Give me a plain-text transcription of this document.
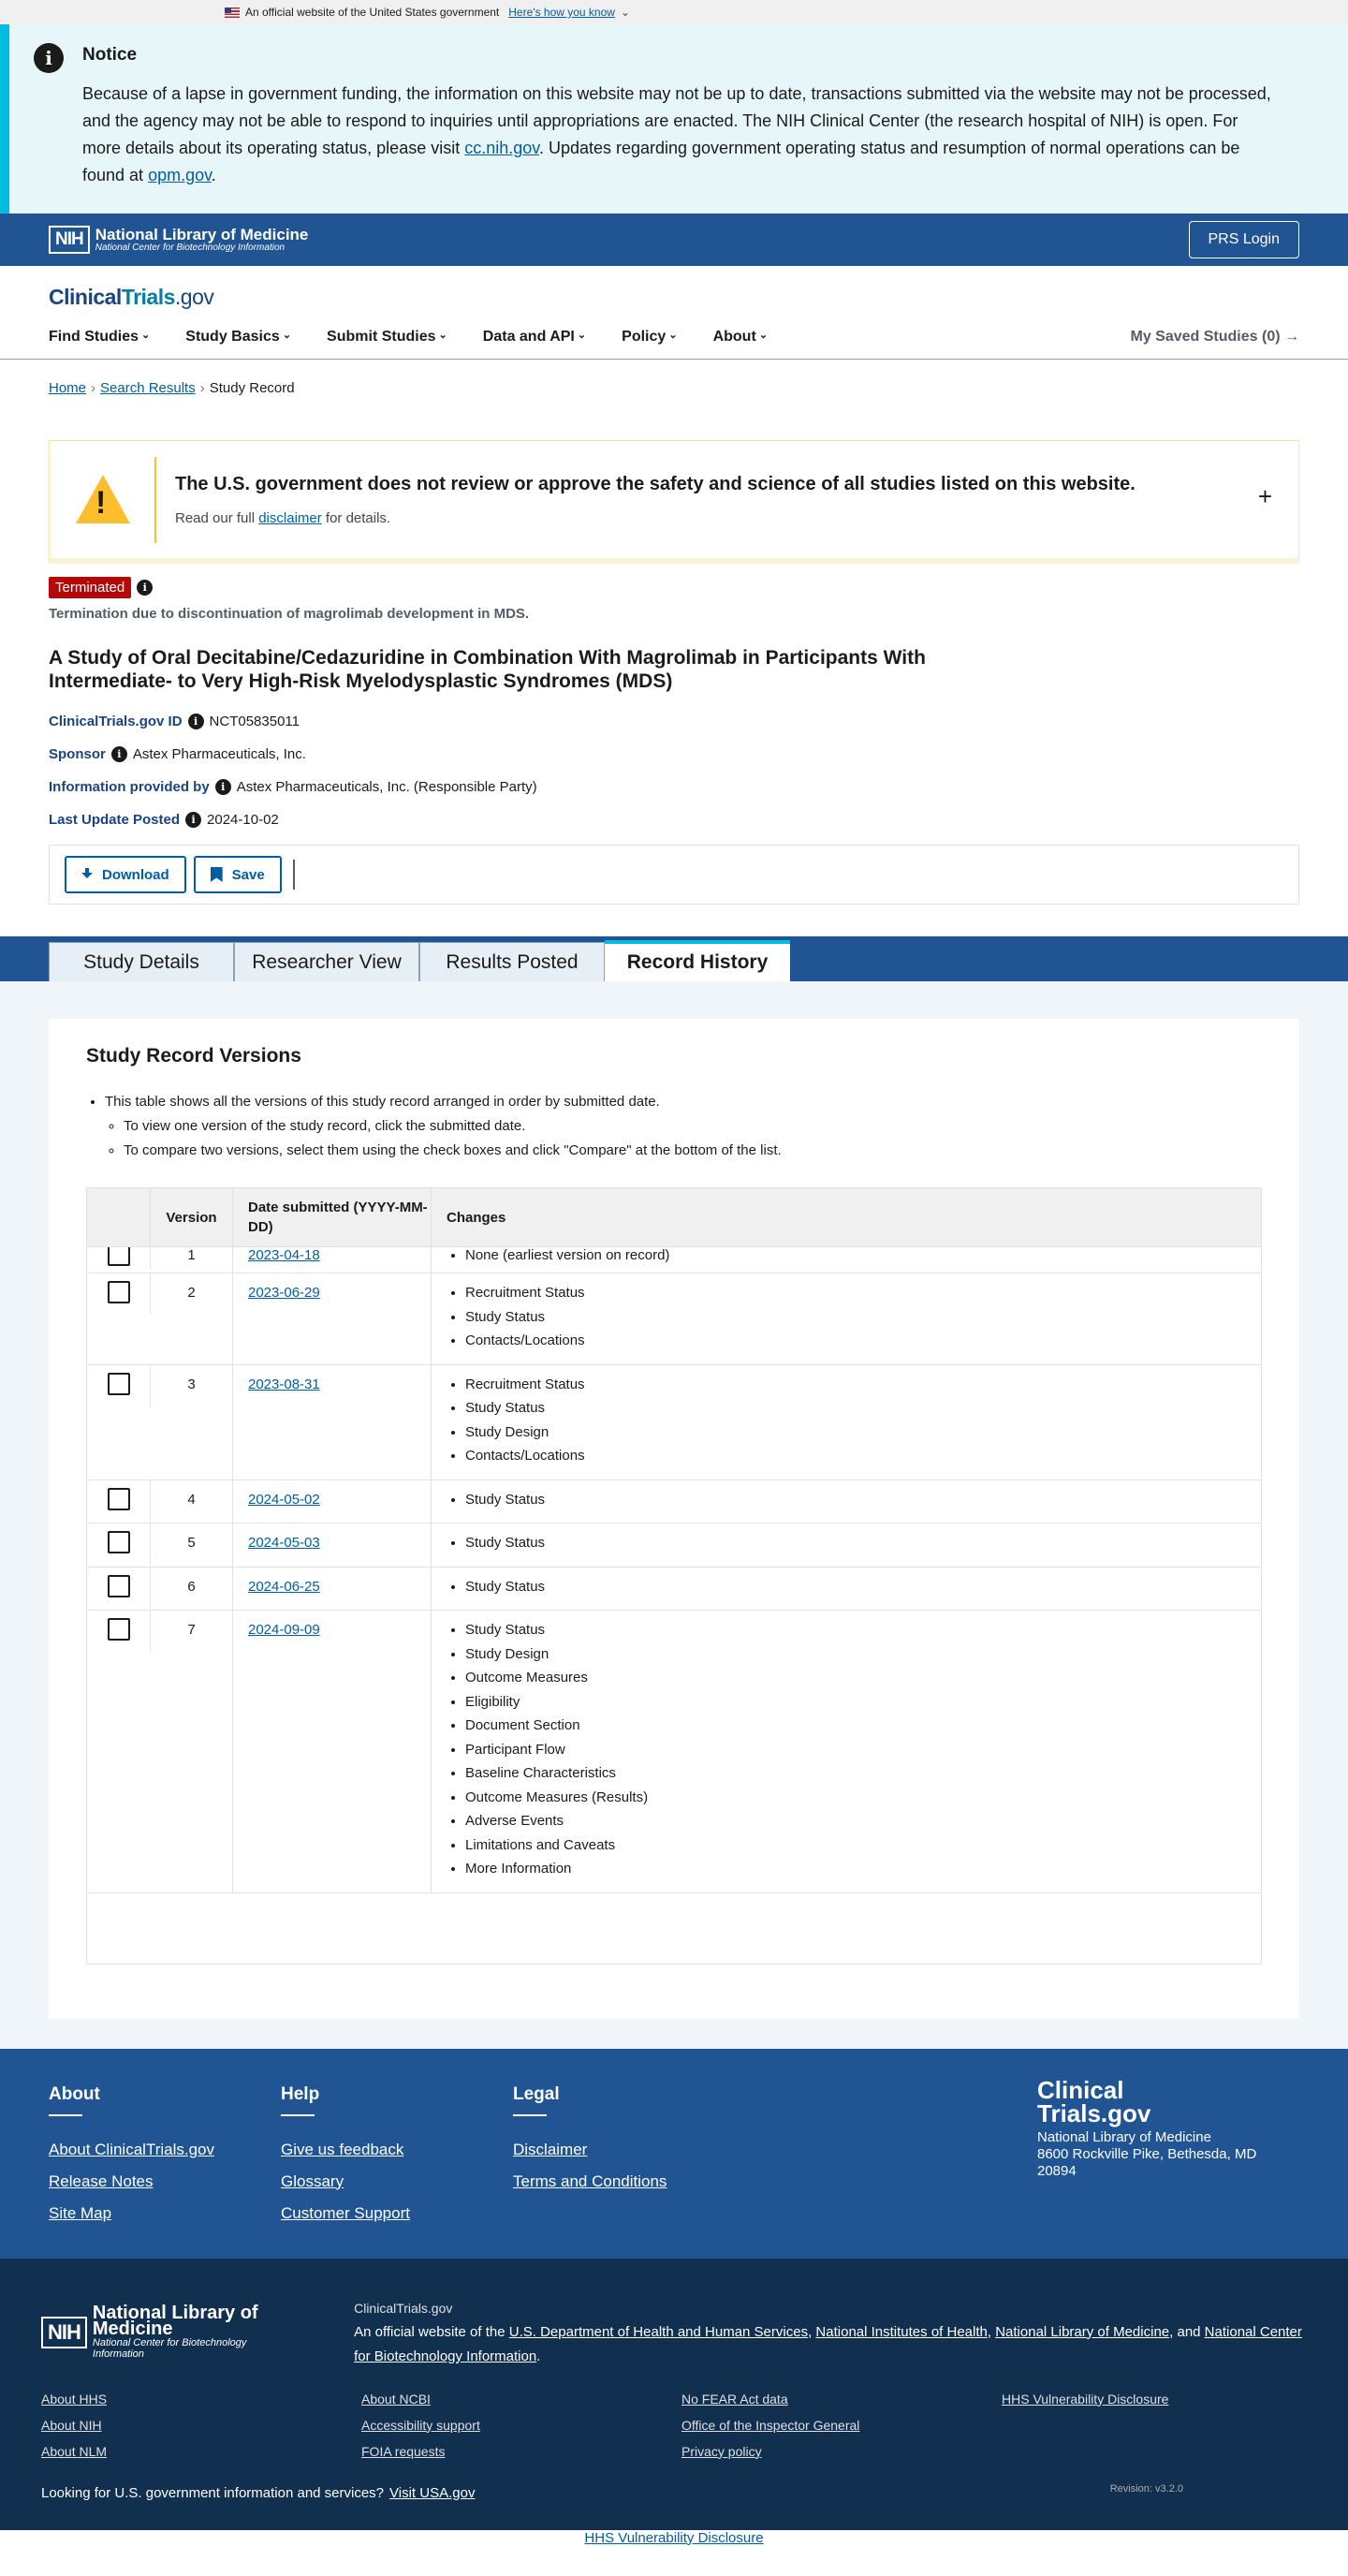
An official website of the United States government Here's how you know ⌄
i	Notice

Because of a lapse in government funding, the information on this website may not be up to date, transactions submitted via the website may not be processed, and the agency may not be able to respond to inquiries until appropriations are enacted. The NIH Clinical Center (the research hospital of NIH) is open. For more details about its operating status, please visit cc.nih.gov. Updates regarding government operating status and resumption of normal operations can be found at opm.gov.

NIH National Library of Medicine
National Center for Biotechnology Information
PRS Login
ClinicalTrials.gov
Find Studies ⌄	Study Basics ⌄	Submit Studies ⌄	Data and API ⌄	Policy ⌄	About ⌄	My Saved Studies (0) →
Home › Search Results › Study Record
!
The U.S. government does not review or approve the safety and science of all studies listed on this website.
Read our full disclaimer for details.
+
Terminated	i
Termination due to discontinuation of magrolimab development in MDS.
A Study of Oral Decitabine/Cedazuridine in Combination With Magrolimab in Participants With Intermediate- to Very High-Risk Myelodysplastic Syndromes (MDS)
ClinicalTrials.gov ID	i NCT05835011
Sponsor	i Astex Pharmaceuticals, Inc.
Information provided by	i Astex Pharmaceuticals, Inc. (Responsible Party)
Last Update Posted	i 2024-10-02
Download	Save
Study Details	Researcher View	Results Posted	Record History
Study Record Versions
• This table shows all the versions of this study record arranged in order by submitted date.
◦ To view one version of the study record, click the submitted date.
◦ To compare two versions, select them using the check boxes and click "Compare" at the bottom of the list.
Version
Date submitted (YYYY-MM-DD)
Changes
1	2023-04-18	• None (earliest version on record)
2	2023-06-29	• Recruitment Status
• Study Status
• Contacts/Locations
3	2023-08-31	• Recruitment Status
• Study Status
• Study Design
• Contacts/Locations
4	2024-05-02	• Study Status
5	2024-05-03	• Study Status
6	2024-06-25	• Study Status
7	2024-09-09	• Study Status
• Study Design
• Outcome Measures
• Eligibility
• Document Section
• Participant Flow
• Baseline Characteristics
• Outcome Measures (Results)
• Adverse Events
• Limitations and Caveats
• More Information
About
About ClinicalTrials.gov
Release Notes
Site Map
Help
Give us feedback
Glossary
Customer Support
Legal
Disclaimer
Terms and Conditions
Clinical
Trials.gov
National Library of Medicine
8600 Rockville Pike, Bethesda, MD 20894
NIH
National Library of Medicine
National Center for Biotechnology Information
ClinicalTrials.gov
An official website of the U.S. Department of Health and Human Services, National Institutes of Health, National Library of Medicine, and National Center for Biotechnology Information.
About HHS	About NCBI	No FEAR Act data	HHS Vulnerability Disclosure
About NIH	Accessibility support	Office of the Inspector General
About NLM	FOIA requests	Privacy policy
Looking for U.S. government information and services? Visit USA.gov	Revision: v3.2.0
HHS Vulnerability Disclosure
